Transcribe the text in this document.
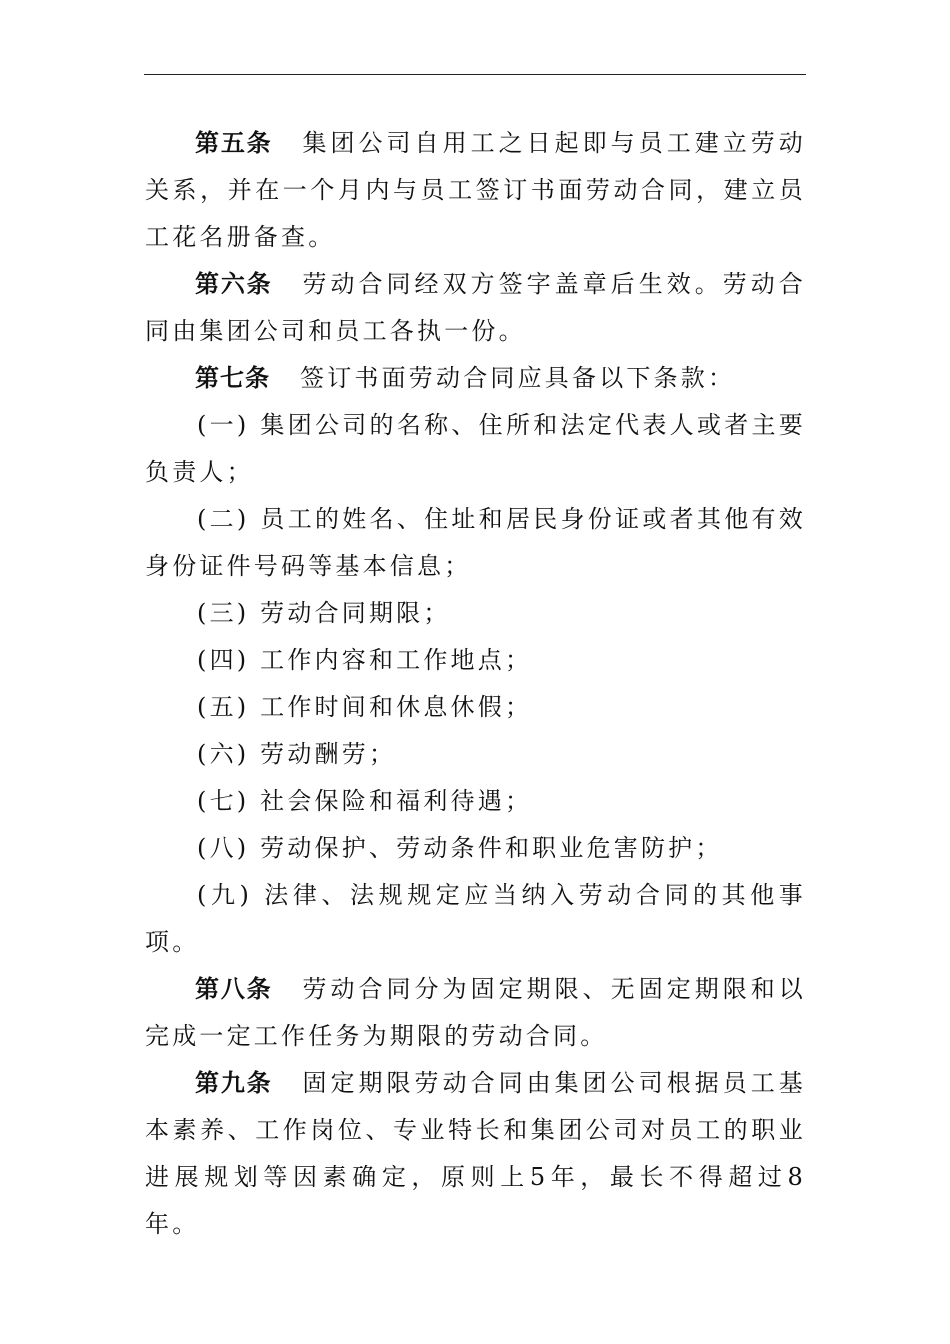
第五条 集团公司自用工之日起即与员工建立劳动关系，并在一个月内与员工签订书面劳动合同，建立员工花名册备查。

第六条 劳动合同经双方签字盖章后生效。劳动合同由集团公司和员工各执一份。

第七条 签订书面劳动合同应具备以下条款：

(一) 集团公司的名称、住所和法定代表人或者主要负责人；

(二) 员工的姓名、住址和居民身份证或者其他有效身份证件号码等基本信息；

(三) 劳动合同期限；

(四) 工作内容和工作地点；

(五) 工作时间和休息休假；

(六) 劳动酬劳；

(七) 社会保险和福利待遇；

(八) 劳动保护、劳动条件和职业危害防护；

(九) 法律、法规规定应当纳入劳动合同的其他事项。

第八条 劳动合同分为固定期限、无固定期限和以完成一定工作任务为期限的劳动合同。

第九条 固定期限劳动合同由集团公司根据员工基本素养、工作岗位、专业特长和集团公司对员工的职业进展规划等因素确定，原则上5年，最长不得超过8年。
